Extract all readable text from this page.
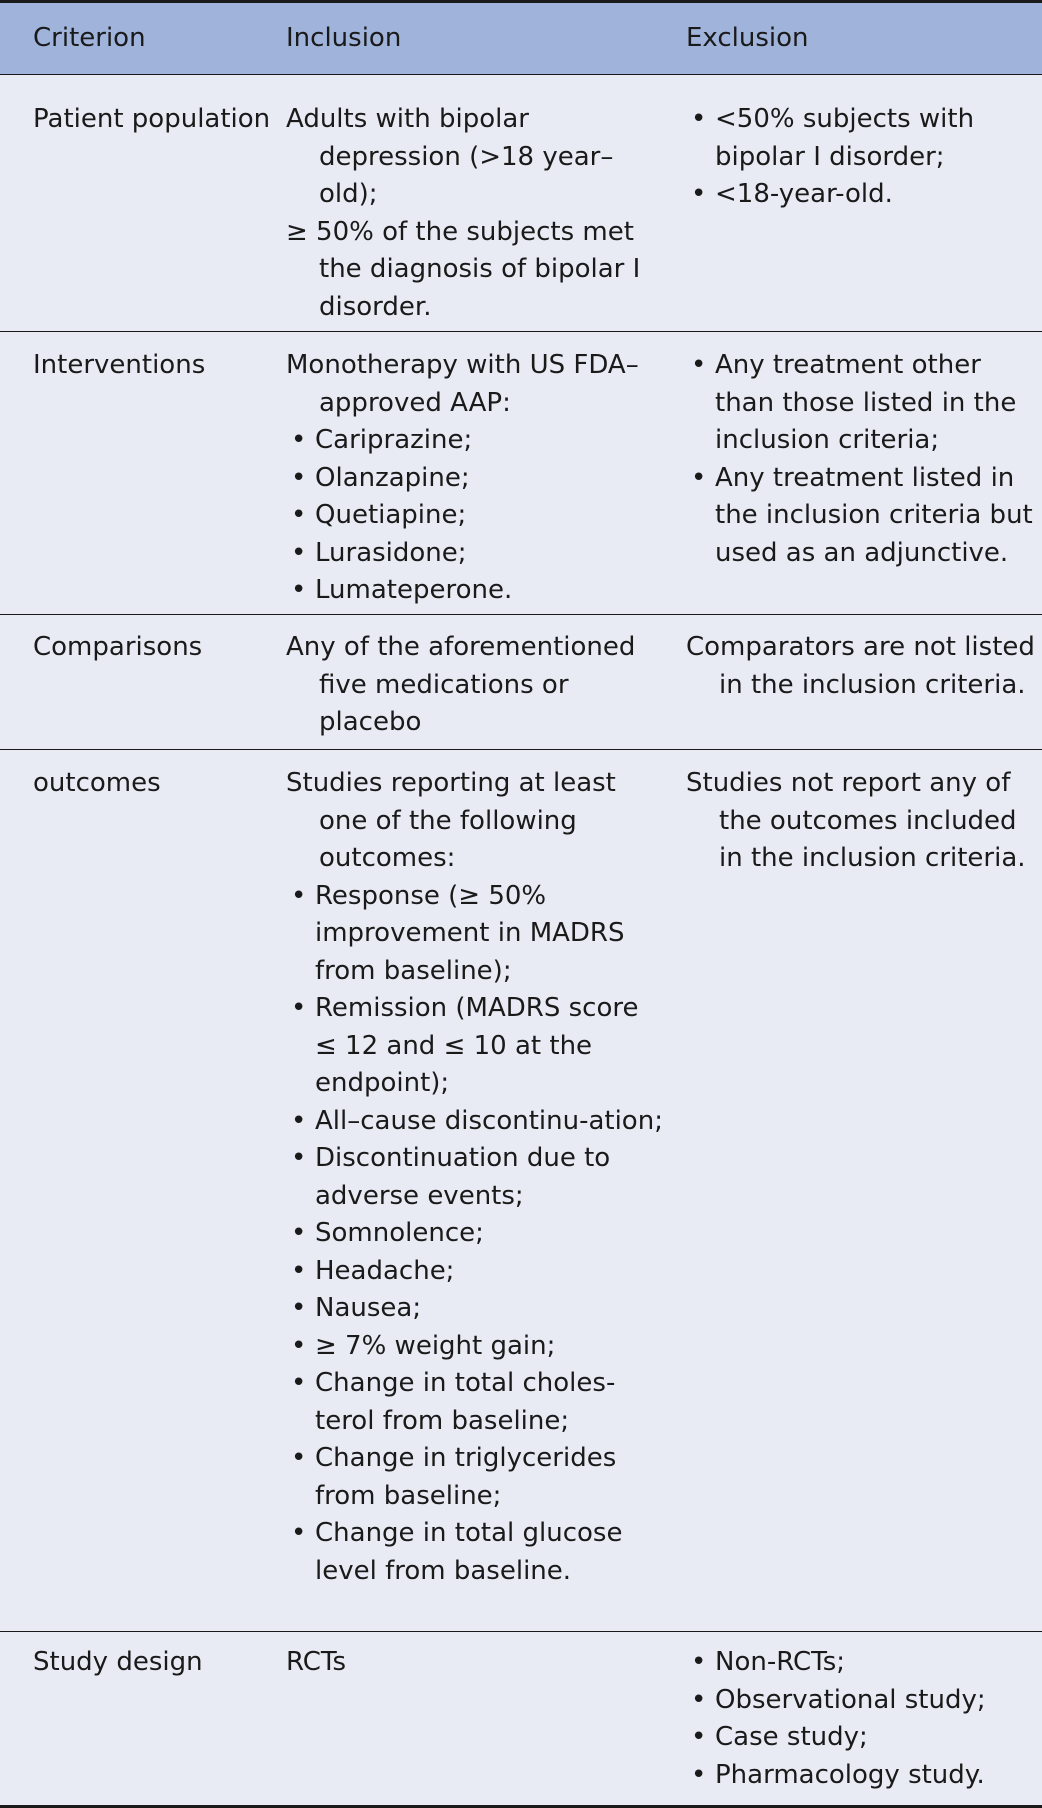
Criterion	Inclusion	Exclusion

Patient population Adults with bipolar depression (>18 year–old);

≥ 50% of the subjects met the diagnosis of bipolar I disorder.

• <50% subjects with bipolar I disorder;
• <18-year-old.

Interventions	Monotherapy with US FDA–approved AAP:

• Cariprazine;
• Olanzapine;
• Quetiapine;
• Lurasidone;
• Lumateperone.
• Any treatment other than those listed in the inclusion criteria;
• Any treatment listed in the inclusion criteria but used as an adjunctive.

Comparisons	Any of the aforementioned five medications or placebo

Comparators are not listed in the inclusion criteria.

outcomes	Studies reporting at least one of the following outcomes:

• Response (≥ 50% improvement in MADRS from baseline);
• Remission (MADRS score ≤ 12 and ≤ 10 at the endpoint);
• All–cause discontinu-ation;
• Discontinuation due to adverse events;
• Somnolence;
• Headache;
• Nausea;
• ≥ 7% weight gain;
• Change in total choles-terol from baseline;
• Change in triglycerides from baseline;
• Change in total glucose level from baseline.

Studies not report any of the outcomes included in the inclusion criteria.

Study design	RCTs

•	Non-RCTs;
• Observational study;
• Case study;
• Pharmacology study.
